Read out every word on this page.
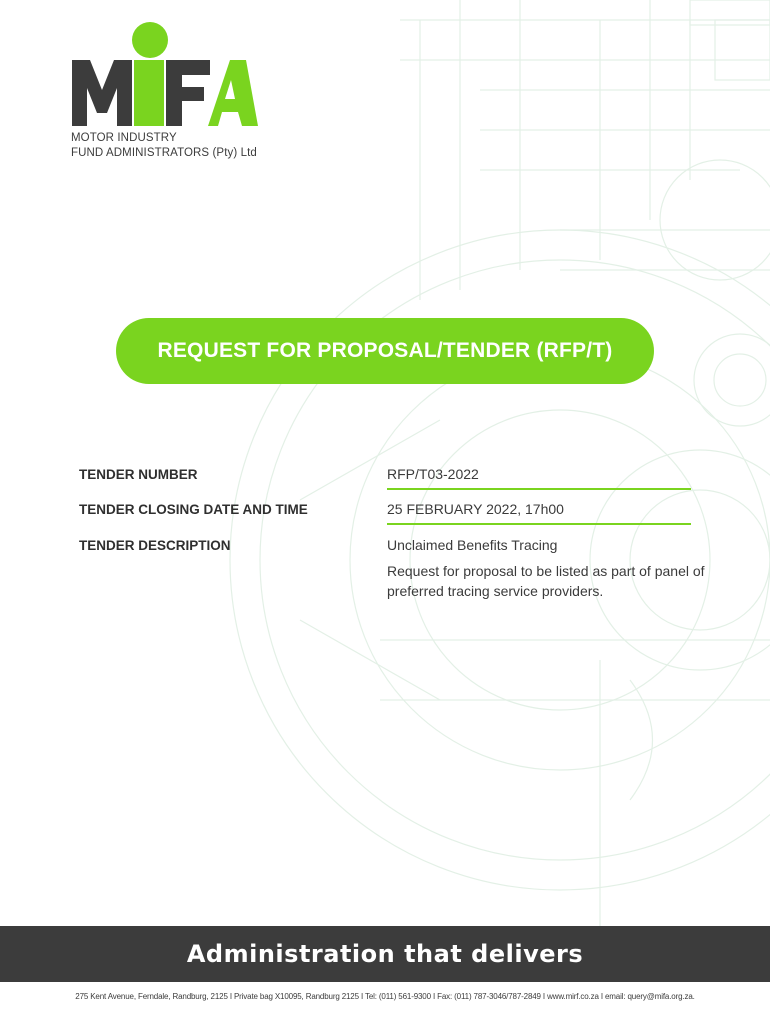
MOTOR INDUSTRY
FUND ADMINISTRATORS (Pty) Ltd
REQUEST FOR PROPOSAL/TENDER (RFP/T)
TENDER NUMBER	RFP/T03-2022
TENDER CLOSING DATE AND TIME	25 FEBRUARY 2022, 17h00
TENDER DESCRIPTION	Unclaimed Benefits Tracing
Request for proposal to be listed as part of panel of preferred tracing service providers.
Administration that delivers
275 Kent Avenue, Ferndale, Randburg, 2125 I Private bag X10095, Randburg 2125 I Tel: (011) 561-9300 I Fax: (011) 787-3046/787-2849 I www.mirf.co.za I email: query@mifa.org.za.
